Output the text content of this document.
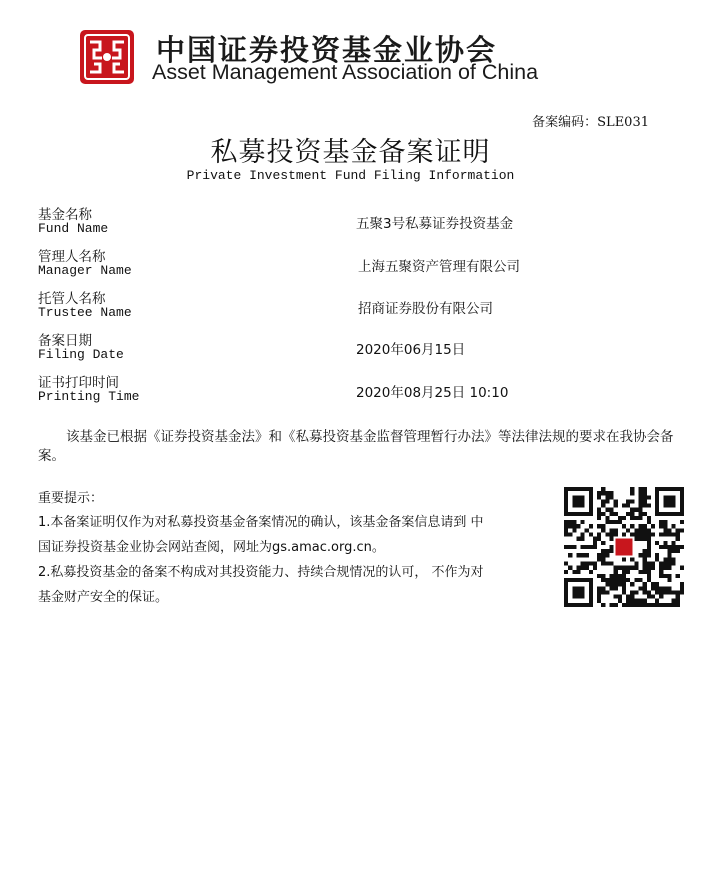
中国证券投资基金业协会
Asset Management Association of China
备案编码：SLE031
私募投资基金备案证明
Private Investment Fund Filing Information
基金名称
Fund Name	五聚3号私募证券投资基金
管理人名称
Manager Name	上海五聚资产管理有限公司
托管人名称
Trustee Name	招商证券股份有限公司
备案日期
Filing Date	2020年06月15日
证书打印时间
Printing Time	2020年08月25日 10:10
该基金已根据《证券投资基金法》和《私募投资基金监督管理暂行办法》等法律法规的要求在我协会备案。
重要提示：
1.本备案证明仅作为对私募投资基金备案情况的确认，该基金备案信息请到 中
国证券投资基金业协会网站查阅，网址为gs.amac.org.cn。
2.私募投资基金的备案不构成对其投资能力、持续合规情况的认可， 不作为对
基金财产安全的保证。
